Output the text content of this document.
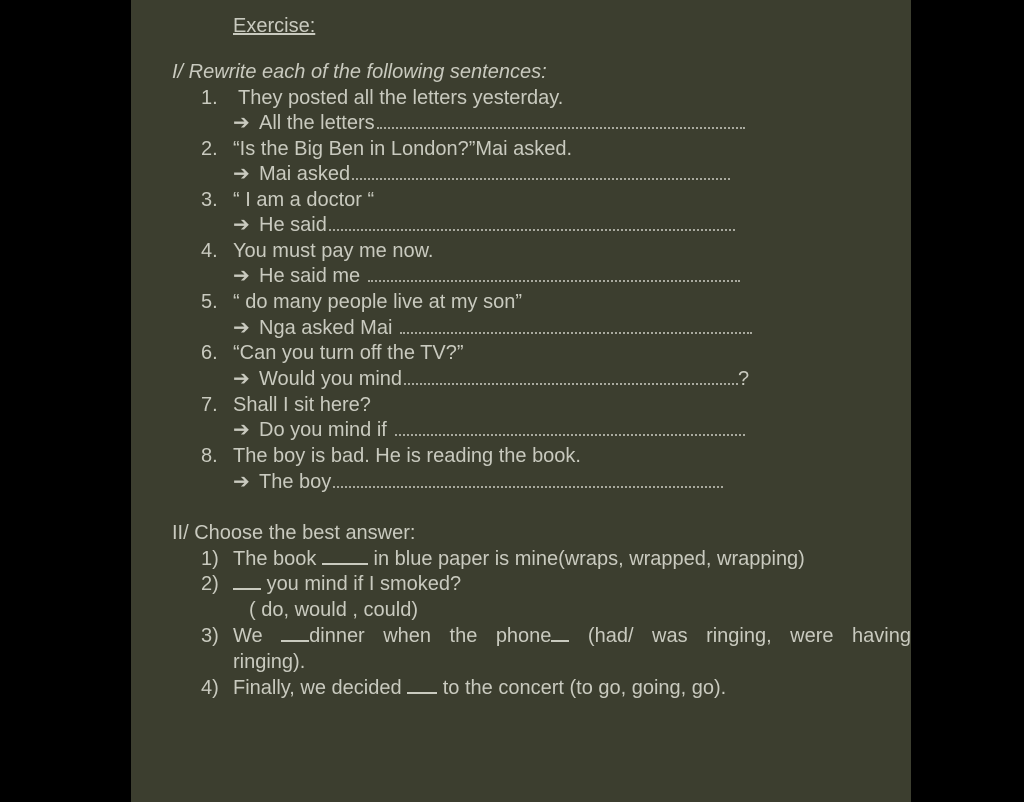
Exercise:
I/ Rewrite each of the following sentences:
1. They posted all the letters yesterday.
➔ All the letters
2. “Is the Big Ben in London?”Mai asked.
➔ Mai asked
3. “ I am a doctor “
➔ He said
4. You must pay me now.
➔ He said me
5. “ do many people live at my son”
➔ Nga asked Mai
6. “Can you turn off the TV?”
➔ Would you mind	?
7. Shall I sit here?
➔ Do you mind if
8. The boy is bad. He is reading the book.
➔ The boy
II/ Choose the best answer:
1) The book	in blue paper is mine(wraps, wrapped, wrapping)
2)	you mind if I smoked?
( do, would , could)
3) We	dinner when the phone	(had/ was ringing, were having
ringing).
4) Finally, we decided to the concert (to go, going, go).
